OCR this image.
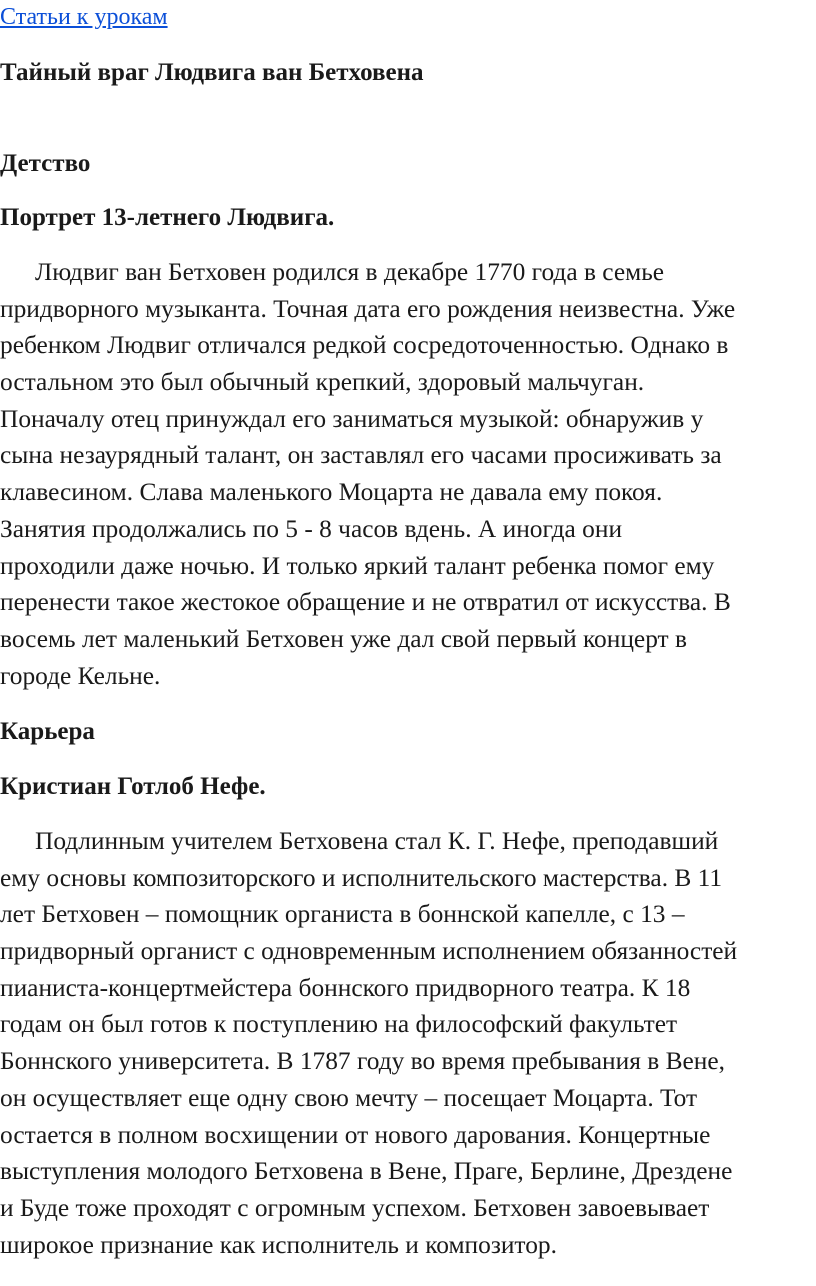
Статьи к урокам
Тайный враг Людвига ван Бетховена
Детство
Портрет 13-летнего Людвига.
Людвиг ван Бетховен родился в декабре 1770 года в семье
придворного музыканта. Точная дата его рождения неизвестна. Уже
ребенком Людвиг отличался редкой сосредоточенностью. Однако в
остальном это был обычный крепкий, здоровый мальчуган.
Поначалу отец принуждал его заниматься музыкой: обнаружив у
сына незаурядный талант, он заставлял его часами просиживать за
клавесином. Слава маленького Моцарта не давала ему покоя.
Занятия продолжались по 5 - 8 часов вдень. А иногда они
проходили даже ночью. И только яркий талант ребенка помог ему
перенести такое жестокое обращение и не отвратил от искусства. В
восемь лет маленький Бетховен уже дал свой первый концерт в
городе Кельне.
Карьера
Кристиан Готлоб Нефе.
Подлинным учителем Бетховена стал К. Г. Нефе, преподавший
ему основы композиторского и исполнительского мастерства. В 11
лет Бетховен – помощник органиста в боннской капелле, с 13 –
придворный органист с одновременным исполнением обязанностей
пианиста-концертмейстера боннского придворного театра. К 18
годам он был готов к поступлению на философский факультет
Боннского университета. В 1787 году во время пребывания в Вене,
он осуществляет еще одну свою мечту – посещает Моцарта. Тот
остается в полном восхищении от нового дарования. Концертные
выступления молодого Бетховена в Вене, Праге, Берлине, Дрездене
и Буде тоже проходят с огромным успехом. Бетховен завоевывает
широкое признание как исполнитель и композитор.
